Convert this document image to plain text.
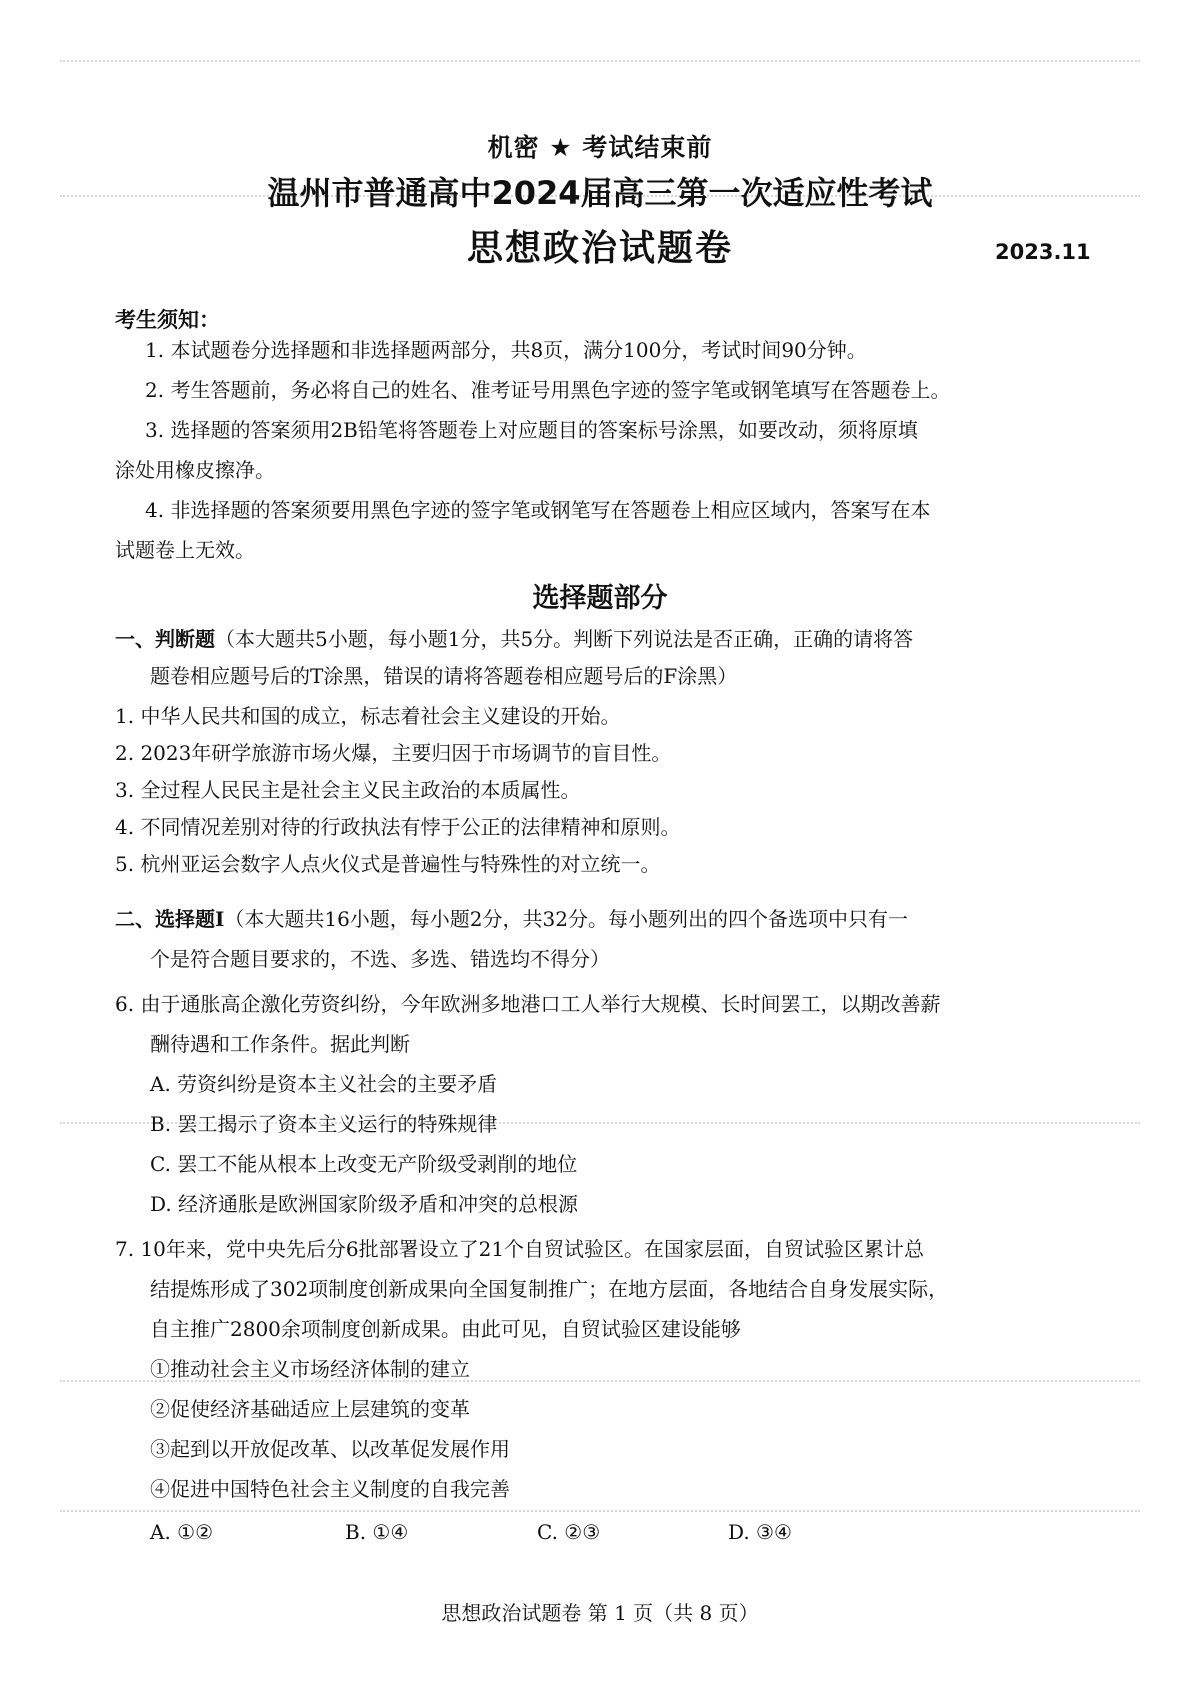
机密 ★ 考试结束前
温州市普通高中2024届高三第一次适应性考试
思想政治试题卷	2023.11
考生须知：
1. 本试题卷分选择题和非选择题两部分，共8页，满分100分，考试时间90分钟。
2. 考生答题前，务必将自己的姓名、准考证号用黑色字迹的签字笔或钢笔填写在答题卷上。
3. 选择题的答案须用2B铅笔将答题卷上对应题目的答案标号涂黑，如要改动，须将原填
涂处用橡皮擦净。
4. 非选择题的答案须要用黑色字迹的签字笔或钢笔写在答题卷上相应区域内，答案写在本
试题卷上无效。
选择题部分
一、判断题（本大题共5小题，每小题1分，共5分。判断下列说法是否正确，正确的请将答
题卷相应题号后的T涂黑，错误的请将答题卷相应题号后的F涂黑）
1. 中华人民共和国的成立，标志着社会主义建设的开始。
2. 2023年研学旅游市场火爆，主要归因于市场调节的盲目性。
3. 全过程人民民主是社会主义民主政治的本质属性。
4. 不同情况差别对待的行政执法有悖于公正的法律精神和原则。
5. 杭州亚运会数字人点火仪式是普遍性与特殊性的对立统一。
二、选择题Ⅰ（本大题共16小题，每小题2分，共32分。每小题列出的四个备选项中只有一
个是符合题目要求的，不选、多选、错选均不得分）
6. 由于通胀高企激化劳资纠纷，今年欧洲多地港口工人举行大规模、长时间罢工，以期改善薪
酬待遇和工作条件。据此判断
A. 劳资纠纷是资本主义社会的主要矛盾
B. 罢工揭示了资本主义运行的特殊规律
C. 罢工不能从根本上改变无产阶级受剥削的地位
D. 经济通胀是欧洲国家阶级矛盾和冲突的总根源
7. 10年来，党中央先后分6批部署设立了21个自贸试验区。在国家层面，自贸试验区累计总
结提炼形成了302项制度创新成果向全国复制推广；在地方层面，各地结合自身发展实际，
自主推广2800余项制度创新成果。由此可见，自贸试验区建设能够
①推动社会主义市场经济体制的建立
②促使经济基础适应上层建筑的变革
③起到以开放促改革、以改革促发展作用
④促进中国特色社会主义制度的自我完善
A. ①②	B. ①④	C. ②③	D. ③④
思想政治试题卷 第 1 页（共 8 页）
